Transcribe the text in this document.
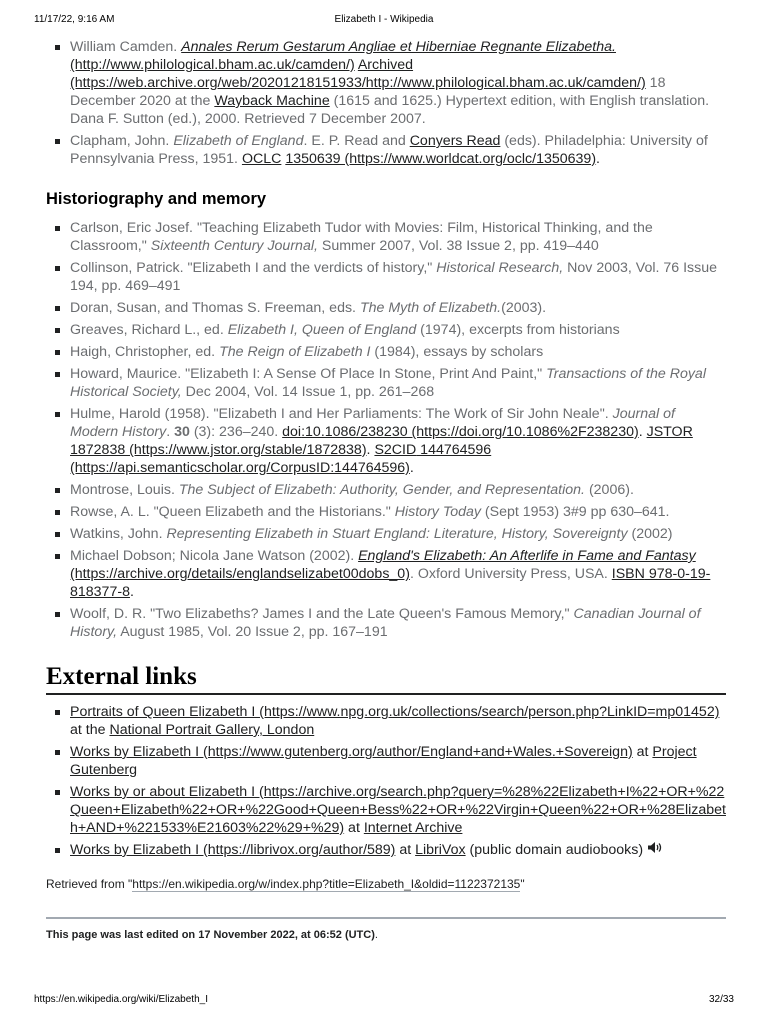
11/17/22, 9:16 AM	Elizabeth I - Wikipedia
William Camden. Annales Rerum Gestarum Angliae et Hiberniae Regnante Elizabetha. (http://www.philological.bham.ac.uk/camden/) Archived (https://web.archive.org/web/20201218151933/http://www.philological.bham.ac.uk/camden/) 18 December 2020 at the Wayback Machine (1615 and 1625.) Hypertext edition, with English translation. Dana F. Sutton (ed.), 2000. Retrieved 7 December 2007.
Clapham, John. Elizabeth of England. E. P. Read and Conyers Read (eds). Philadelphia: University of Pennsylvania Press, 1951. OCLC 1350639 (https://www.worldcat.org/oclc/1350639).
Historiography and memory
Carlson, Eric Josef. "Teaching Elizabeth Tudor with Movies: Film, Historical Thinking, and the Classroom," Sixteenth Century Journal, Summer 2007, Vol. 38 Issue 2, pp. 419–440
Collinson, Patrick. "Elizabeth I and the verdicts of history," Historical Research, Nov 2003, Vol. 76 Issue 194, pp. 469–491
Doran, Susan, and Thomas S. Freeman, eds. The Myth of Elizabeth.(2003).
Greaves, Richard L., ed. Elizabeth I, Queen of England (1974), excerpts from historians
Haigh, Christopher, ed. The Reign of Elizabeth I (1984), essays by scholars
Howard, Maurice. "Elizabeth I: A Sense Of Place In Stone, Print And Paint," Transactions of the Royal Historical Society, Dec 2004, Vol. 14 Issue 1, pp. 261–268
Hulme, Harold (1958). "Elizabeth I and Her Parliaments: The Work of Sir John Neale". Journal of Modern History. 30 (3): 236–240. doi:10.1086/238230 (https://doi.org/10.1086%2F238230). JSTOR 1872838 (https://www.jstor.org/stable/1872838). S2CID 144764596 (https://api.semanticscholar.org/CorpusID:144764596).
Montrose, Louis. The Subject of Elizabeth: Authority, Gender, and Representation. (2006).
Rowse, A. L. "Queen Elizabeth and the Historians." History Today (Sept 1953) 3#9 pp 630–641.
Watkins, John. Representing Elizabeth in Stuart England: Literature, History, Sovereignty (2002)
Michael Dobson; Nicola Jane Watson (2002). England's Elizabeth: An Afterlife in Fame and Fantasy (https://archive.org/details/englandselizabet00dobs_0). Oxford University Press, USA. ISBN 978-0-19-818377-8.
Woolf, D. R. "Two Elizabeths? James I and the Late Queen's Famous Memory," Canadian Journal of History, August 1985, Vol. 20 Issue 2, pp. 167–191
External links
Portraits of Queen Elizabeth I (https://www.npg.org.uk/collections/search/person.php?LinkID=mp01452) at the National Portrait Gallery, London
Works by Elizabeth I (https://www.gutenberg.org/author/England+and+Wales.+Sovereign) at Project Gutenberg
Works by or about Elizabeth I (https://archive.org/search.php?query=%28%22Elizabeth+I%22+OR+%22Queen+Elizabeth%22+OR+%22Good+Queen+Bess%22+OR+%22Virgin+Queen%22+OR+%28Elizabeth+AND+%221533%E21603%22%29+%29) at Internet Archive
Works by Elizabeth I (https://librivox.org/author/589) at LibriVox (public domain audiobooks)
Retrieved from "https://en.wikipedia.org/w/index.php?title=Elizabeth_I&oldid=1122372135"
This page was last edited on 17 November 2022, at 06:52 (UTC).
https://en.wikipedia.org/wiki/Elizabeth_I	32/33
